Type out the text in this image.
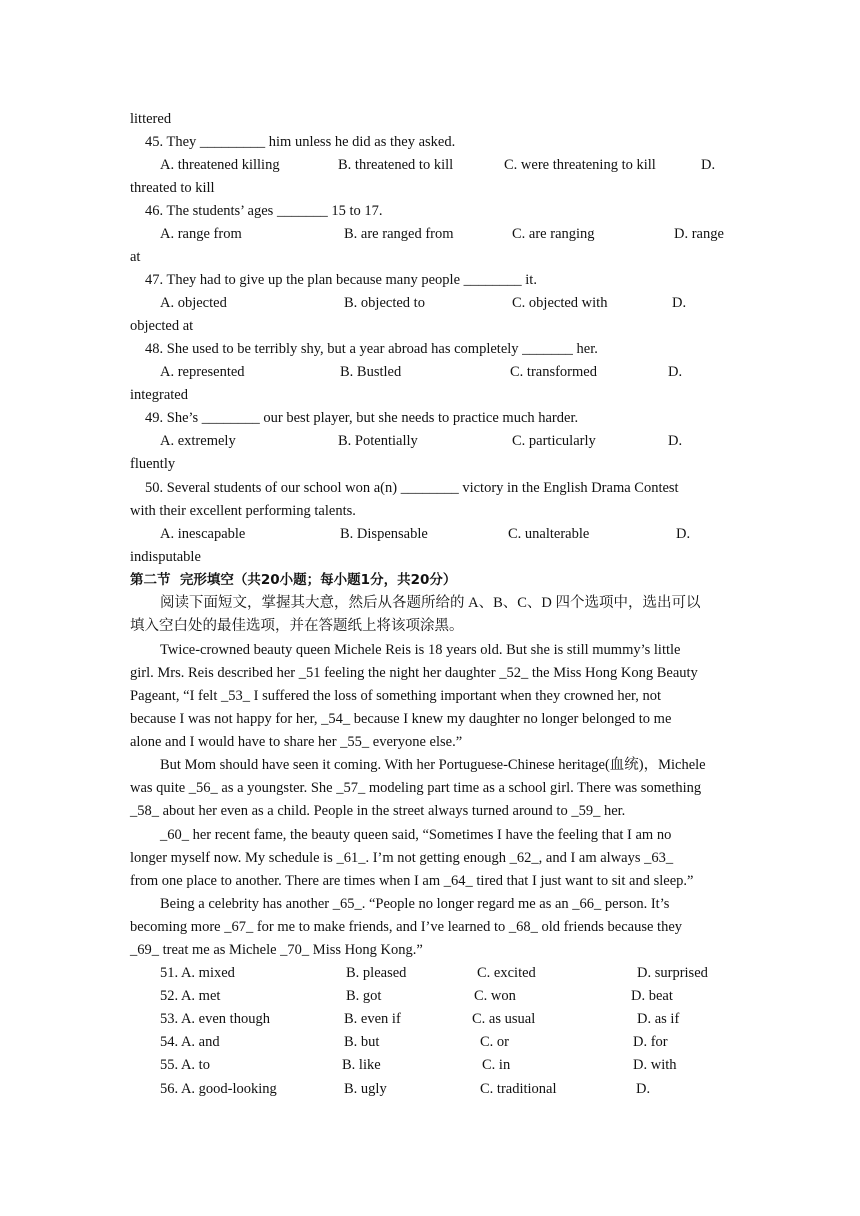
littered
45. They _________ him unless he did as they asked.
A. threatened killing	B. threatened to kill	C. were threatening to kill	D.
threated to kill
46. The students’ ages _______ 15 to 17.
A. range from	B. are ranged from	C. are ranging	D. range
at
47. They had to give up the plan because many people ________ it.
A. objected	B. objected to	C. objected with	D.
objected at
48. She used to be terribly shy, but a year abroad has completely _______ her.
A. represented	B. Bustled	C. transformed	D.
integrated
49. She’s ________ our best player, but she needs to practice much harder.
A. extremely	B. Potentially	C. particularly	D.
fluently
50. Several students of our school won a(n) ________ victory in the English Drama Contest
with their excellent performing talents.
A. inescapable	B. Dispensable	C. unalterable	D.
indisputable
第二节  完形填空（共20小题；每小题1分，共20分）
阅读下面短文，掌握其大意，然后从各题所给的 A、B、C、D 四个选项中，选出可以
填入空白处的最佳选项，并在答题纸上将该项涂黑。
Twice-crowned beauty queen Michele Reis is 18 years old. But she is still mummy’s little
girl. Mrs. Reis described her _51 feeling the night her daughter _52_ the Miss Hong Kong Beauty
Pageant, “I felt _53_ I suffered the loss of something important when they crowned her, not
because I was not happy for her, _54_ because I knew my daughter no longer belonged to me
alone and I would have to share her _55_ everyone else.”
But Mom should have seen it coming. With her Portuguese-Chinese heritage(血统)，Michele
was quite _56_ as a youngster. She _57_ modeling part time as a school girl. There was something
_58_ about her even as a child. People in the street always turned around to _59_ her.
_60_ her recent fame, the beauty queen said, “Sometimes I have the feeling that I am no
longer myself now. My schedule is _61_. I’m not getting enough _62_, and I am always _63_
from one place to another. There are times when I am _64_ tired that I just want to sit and sleep.”
Being a celebrity has another _65_. “People no longer regard me as an _66_ person. It’s
becoming more _67_ for me to make friends, and I’ve learned to _68_ old friends because they
_69_ treat me as Michele _70_ Miss Hong Kong.”
51. A. mixed	B. pleased	C. excited	D. surprised
52. A. met	B. got	C. won	D. beat
53. A. even though	B. even if	C. as usual	D. as if
54. A. and	B. but	C. or	D. for
55. A. to	B. like	C. in	D. with
56. A. good-looking	B. ugly	C. traditional	D.
